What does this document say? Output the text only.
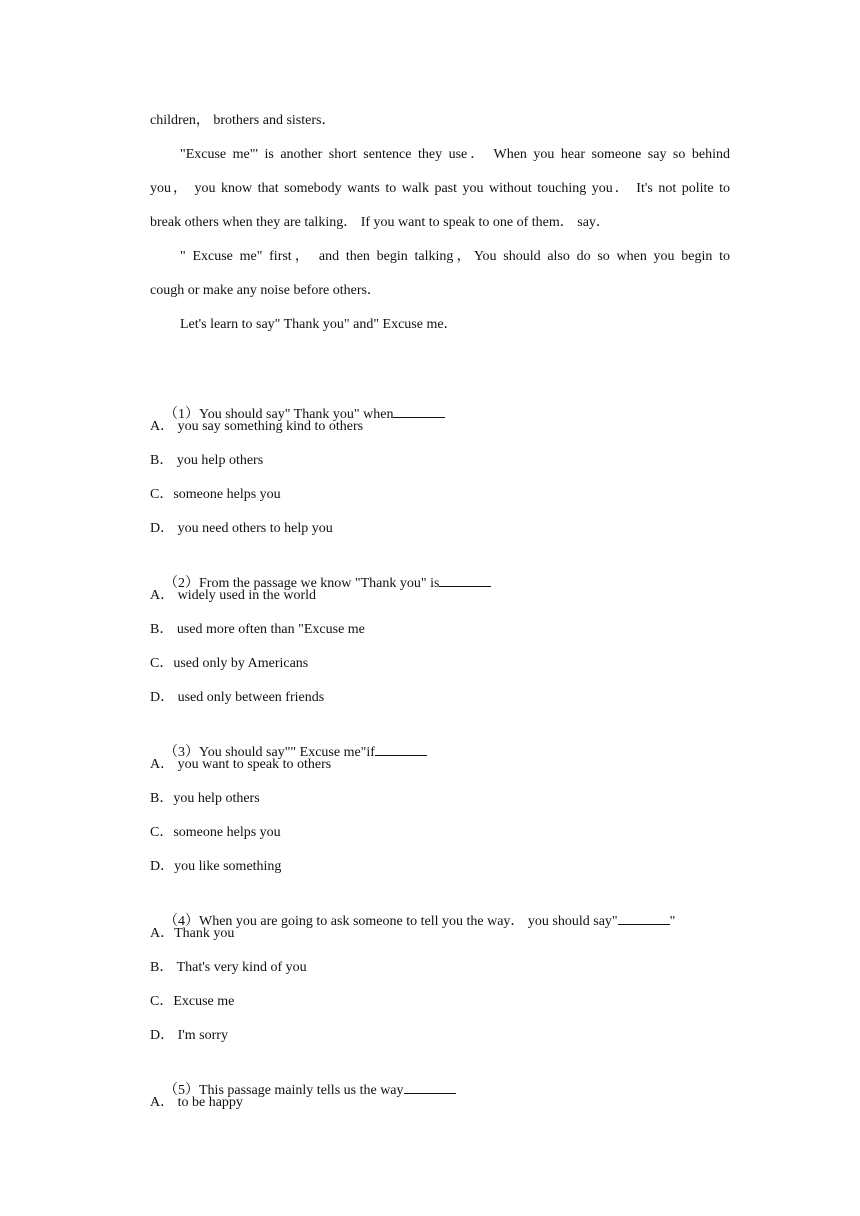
children， brothers and sisters．
"Excuse me"' is another short sentence they use． When you hear someone say so behind
you， you know that somebody wants to walk past you without touching you． It's not polite to
break others when they are talking． If you want to speak to one of them． say．
" Excuse me" first， and then begin talking，You should also do so when you begin to
cough or make any noise before others．
Let's learn to say" Thank you" and" Excuse me．

（1）You should say" Thank you" when

A． you say something kind to others
B． you help others
C．someone helps you
D． you need others to help you

（2）From the passage we know "Thank you" is

A． widely used in the world
B． used more often than "Excuse me
C．used only by Americans
D． used only between friends

（3）You should say"" Excuse me"if

A． you want to speak to others
B．you help others
C．someone helps you
D．you like something

（4）When you are going to ask someone to tell you the way． you should say"	"

A．Thank you
B． That's very kind of you
C．Excuse me
D． I'm sorry

（5）This passage mainly tells us the way

A． to be happy
